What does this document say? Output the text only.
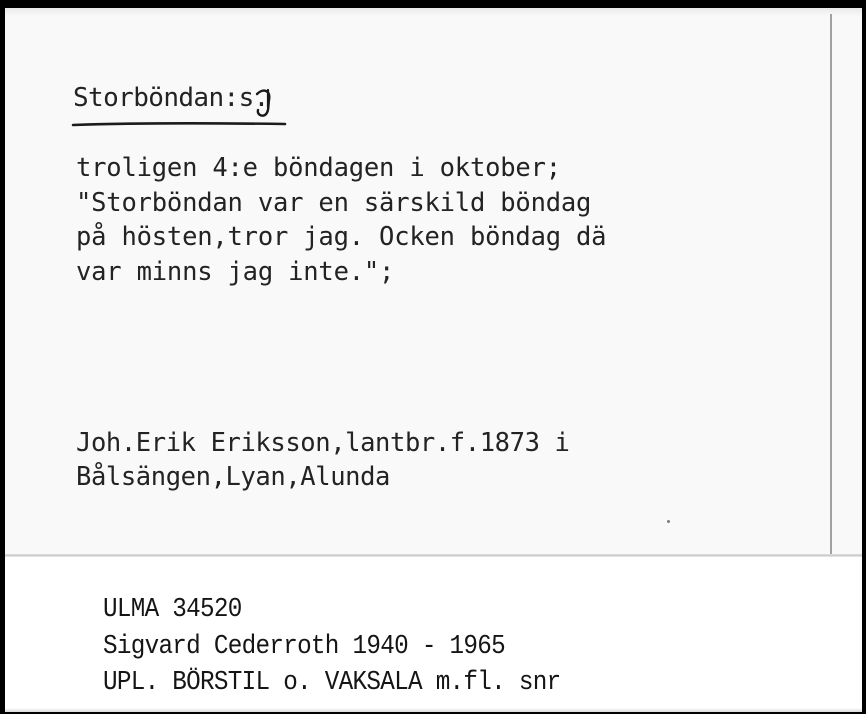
Storböndan:s.

troligen 4:e böndagen i oktober;
"Storböndan var en särskild böndag
på hösten,tror jag. Ocken böndag dä
var minns jag inte.";
Joh.Erik Eriksson,lantbr.f.1873 i
Bålsängen,Lyan,Alunda
ULMA 34520
Sigvard Cederroth 1940 - 1965
UPL. BÖRSTIL o. VAKSALA m.fl. snr
